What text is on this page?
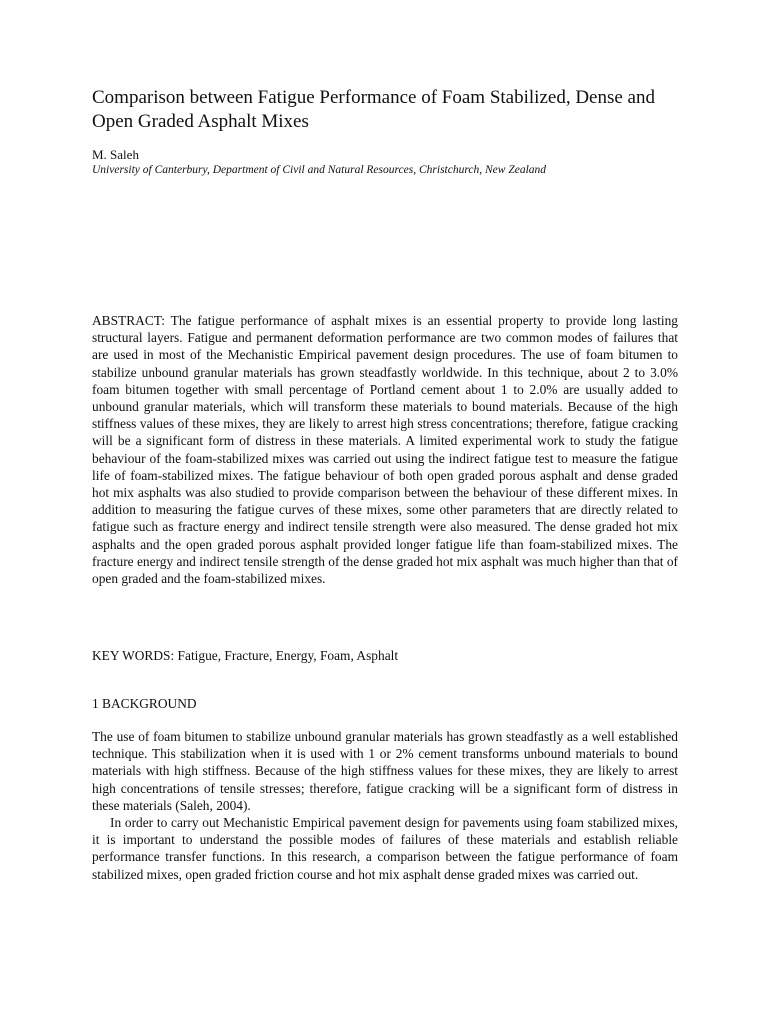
Comparison between Fatigue Performance of Foam Stabilized, Dense and Open Graded Asphalt Mixes
M. Saleh
University of Canterbury, Department of Civil and Natural Resources, Christchurch, New Zealand

ABSTRACT: The fatigue performance of asphalt mixes is an essential property to provide long lasting structural layers. Fatigue and permanent deformation performance are two common modes of failures that are used in most of the Mechanistic Empirical pavement design procedures. The use of foam bitumen to stabilize unbound granular materials has grown steadfastly worldwide. In this technique, about 2 to 3.0% foam bitumen together with small percentage of Portland cement about 1 to 2.0% are usually added to unbound granular materials, which will transform these materials to bound materials. Because of the high stiffness values of these mixes, they are likely to arrest high stress concentrations; therefore, fatigue cracking will be a significant form of distress in these materials. A limited experimental work to study the fatigue behaviour of the foam-stabilized mixes was carried out using the indirect fatigue test to measure the fatigue life of foam-stabilized mixes. The fatigue behaviour of both open graded porous asphalt and dense graded hot mix asphalts was also studied to provide comparison between the behaviour of these different mixes. In addition to measuring the fatigue curves of these mixes, some other parameters that are directly related to fatigue such as fracture energy and indirect tensile strength were also measured. The dense graded hot mix asphalts and the open graded porous asphalt provided longer fatigue life than foam-stabilized mixes. The fracture energy and indirect tensile strength of the dense graded hot mix asphalt was much higher than that of open graded and the foam-stabilized mixes.

KEY WORDS: Fatigue, Fracture, Energy, Foam, Asphalt
1 BACKGROUND

The use of foam bitumen to stabilize unbound granular materials has grown steadfastly as a well established technique. This stabilization when it is used with 1 or 2% cement transforms unbound materials to bound materials with high stiffness. Because of the high stiffness values for these mixes, they are likely to arrest high concentrations of tensile stresses; therefore, fatigue cracking will be a significant form of distress in these materials (Saleh, 2004).

In order to carry out Mechanistic Empirical pavement design for pavements using foam stabilized mixes, it is important to understand the possible modes of failures of these materials and establish reliable performance transfer functions. In this research, a comparison between the fatigue performance of foam stabilized mixes, open graded friction course and hot mix asphalt dense graded mixes was carried out.
